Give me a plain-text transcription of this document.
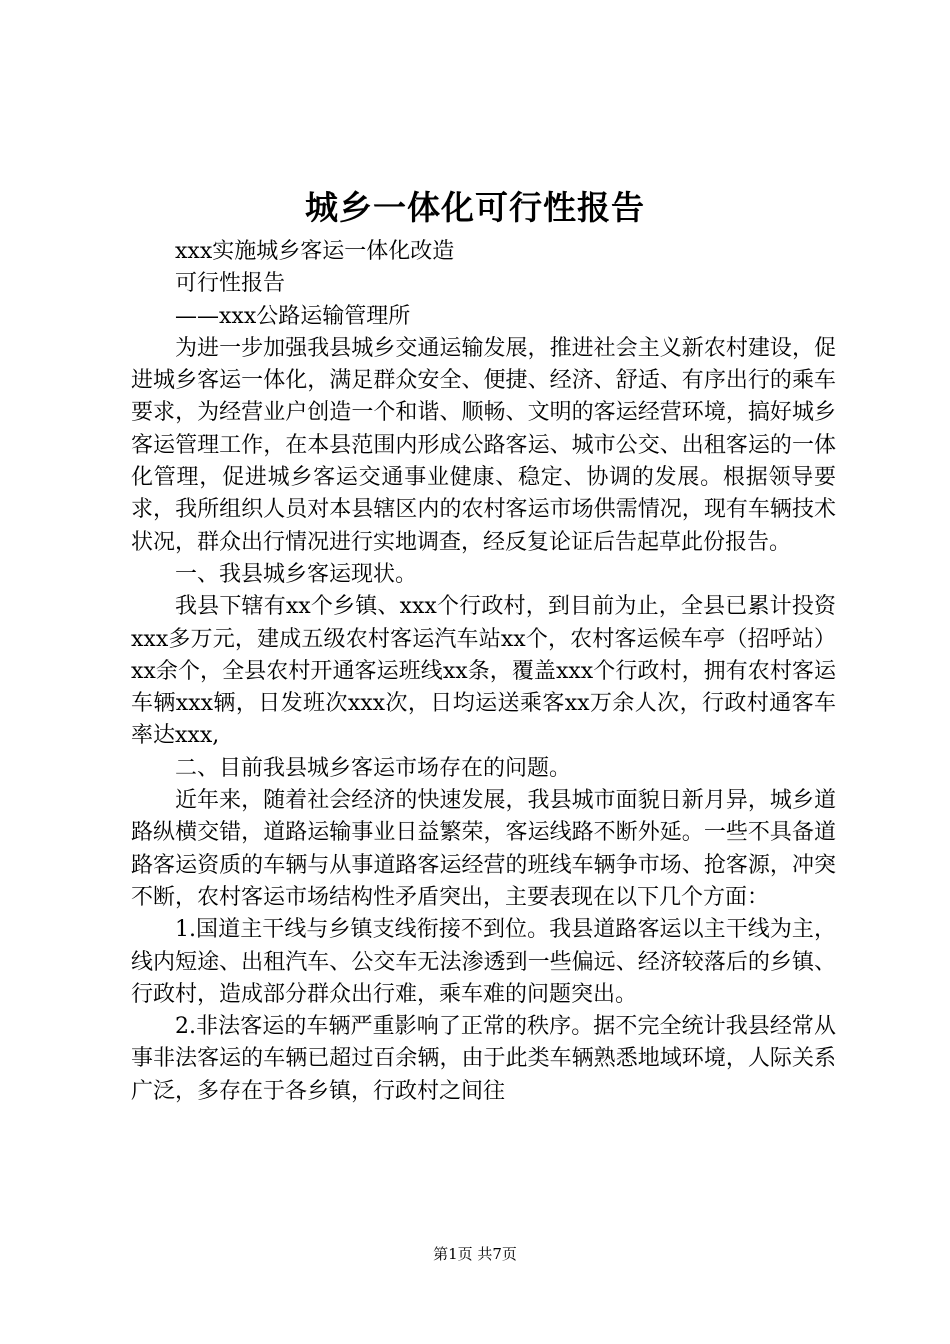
城乡一体化可行性报告

xxx实施城乡客运一体化改造

可行性报告

——xxx公路运输管理所

为进一步加强我县城乡交通运输发展，推进社会主义新农村建设，促进城乡客运一体化，满足群众安全、便捷、经济、舒适、有序出行的乘车要求，为经营业户创造一个和谐、顺畅、文明的客运经营环境，搞好城乡客运管理工作，在本县范围内形成公路客运、城市公交、出租客运的一体化管理，促进城乡客运交通事业健康、稳定、协调的发展。根据领导要求，我所组织人员对本县辖区内的农村客运市场供需情况，现有车辆技术状况，群众出行情况进行实地调查，经反复论证后告起草此份报告。

一、我县城乡客运现状。

我县下辖有xx个乡镇、xxx个行政村，到目前为止，全县已累计投资xxx多万元，建成五级农村客运汽车站xx个，农村客运候车亭（招呼站）xx余个，全县农村开通客运班线xx条，覆盖xxx个行政村，拥有农村客运车辆xxx辆，日发班次xxx次，日均运送乘客xx万余人次，行政村通客车率达xxx,

二、目前我县城乡客运市场存在的问题。

近年来，随着社会经济的快速发展，我县城市面貌日新月异，城乡道路纵横交错，道路运输事业日益繁荣，客运线路不断外延。一些不具备道路客运资质的车辆与从事道路客运经营的班线车辆争市场、抢客源，冲突不断，农村客运市场结构性矛盾突出，主要表现在以下几个方面：

1.国道主干线与乡镇支线衔接不到位。我县道路客运以主干线为主，线内短途、出租汽车、公交车无法渗透到一些偏远、经济较落后的乡镇、行政村，造成部分群众出行难，乘车难的问题突出。

2.非法客运的车辆严重影响了正常的秩序。据不完全统计我县经常从事非法客运的车辆已超过百余辆，由于此类车辆熟悉地域环境，人际关系广泛，多存在于各乡镇，行政村之间往

第1页 共7页
